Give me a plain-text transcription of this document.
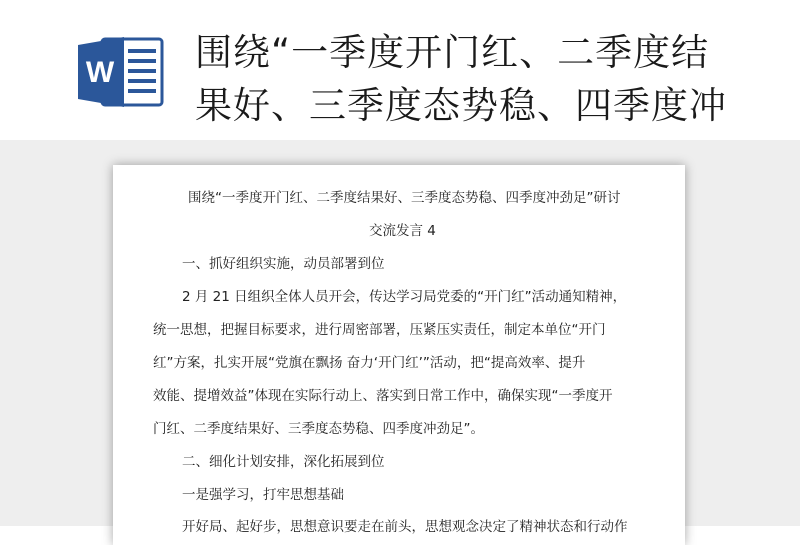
W 围绕“一季度开门红、二季度结
果好、三季度态势稳、四季度冲
围绕“一季度开门红、二季度结果好、三季度态势稳、四季度冲劲足”研讨
交流发言 4
一、抓好组织实施，动员部署到位
2 月 21 日组织全体人员开会，传达学习局党委的“开门红”活动通知精神，
统一思想，把握目标要求，进行周密部署，压紧压实责任，制定本单位“开门
红”方案，扎实开展“党旗在飘扬 奋力‘开门红’”活动，把“提高效率、提升
效能、提增效益”体现在实际行动上、落实到日常工作中，确保实现“一季度开
门红、二季度结果好、三季度态势稳、四季度冲劲足”。
二、细化计划安排，深化拓展到位
一是强学习，打牢思想基础
开好局、起好步，思想意识要走在前头，思想观念决定了精神状态和行动作
